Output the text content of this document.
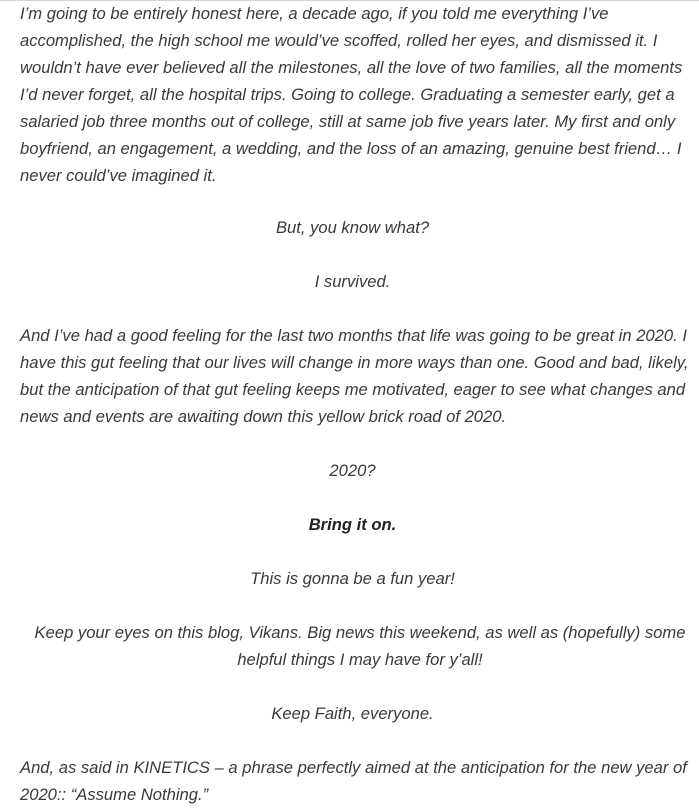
I’m going to be entirely honest here, a decade ago, if you told me everything I’ve accomplished, the high school me would’ve scoffed, rolled her eyes, and dismissed it. I wouldn’t have ever believed all the milestones, all the love of two families, all the moments I’d never forget, all the hospital trips. Going to college. Graduating a semester early, get a salaried job three months out of college, still at same job five years later. My first and only boyfriend, an engagement, a wedding, and the loss of an amazing, genuine best friend… I never could’ve imagined it.

But, you know what?

I survived.

And I’ve had a good feeling for the last two months that life was going to be great in 2020. I have this gut feeling that our lives will change in more ways than one. Good and bad, likely, but the anticipation of that gut feeling keeps me motivated, eager to see what changes and news and events are awaiting down this yellow brick road of 2020.

2020?

Bring it on.

This is gonna be a fun year!

Keep your eyes on this blog, Vikans. Big news this weekend, as well as (hopefully) some helpful things I may have for y’all!

Keep Faith, everyone.

And, as said in KINETICS – a phrase perfectly aimed at the anticipation for the new year of 2020:: “Assume Nothing.”
